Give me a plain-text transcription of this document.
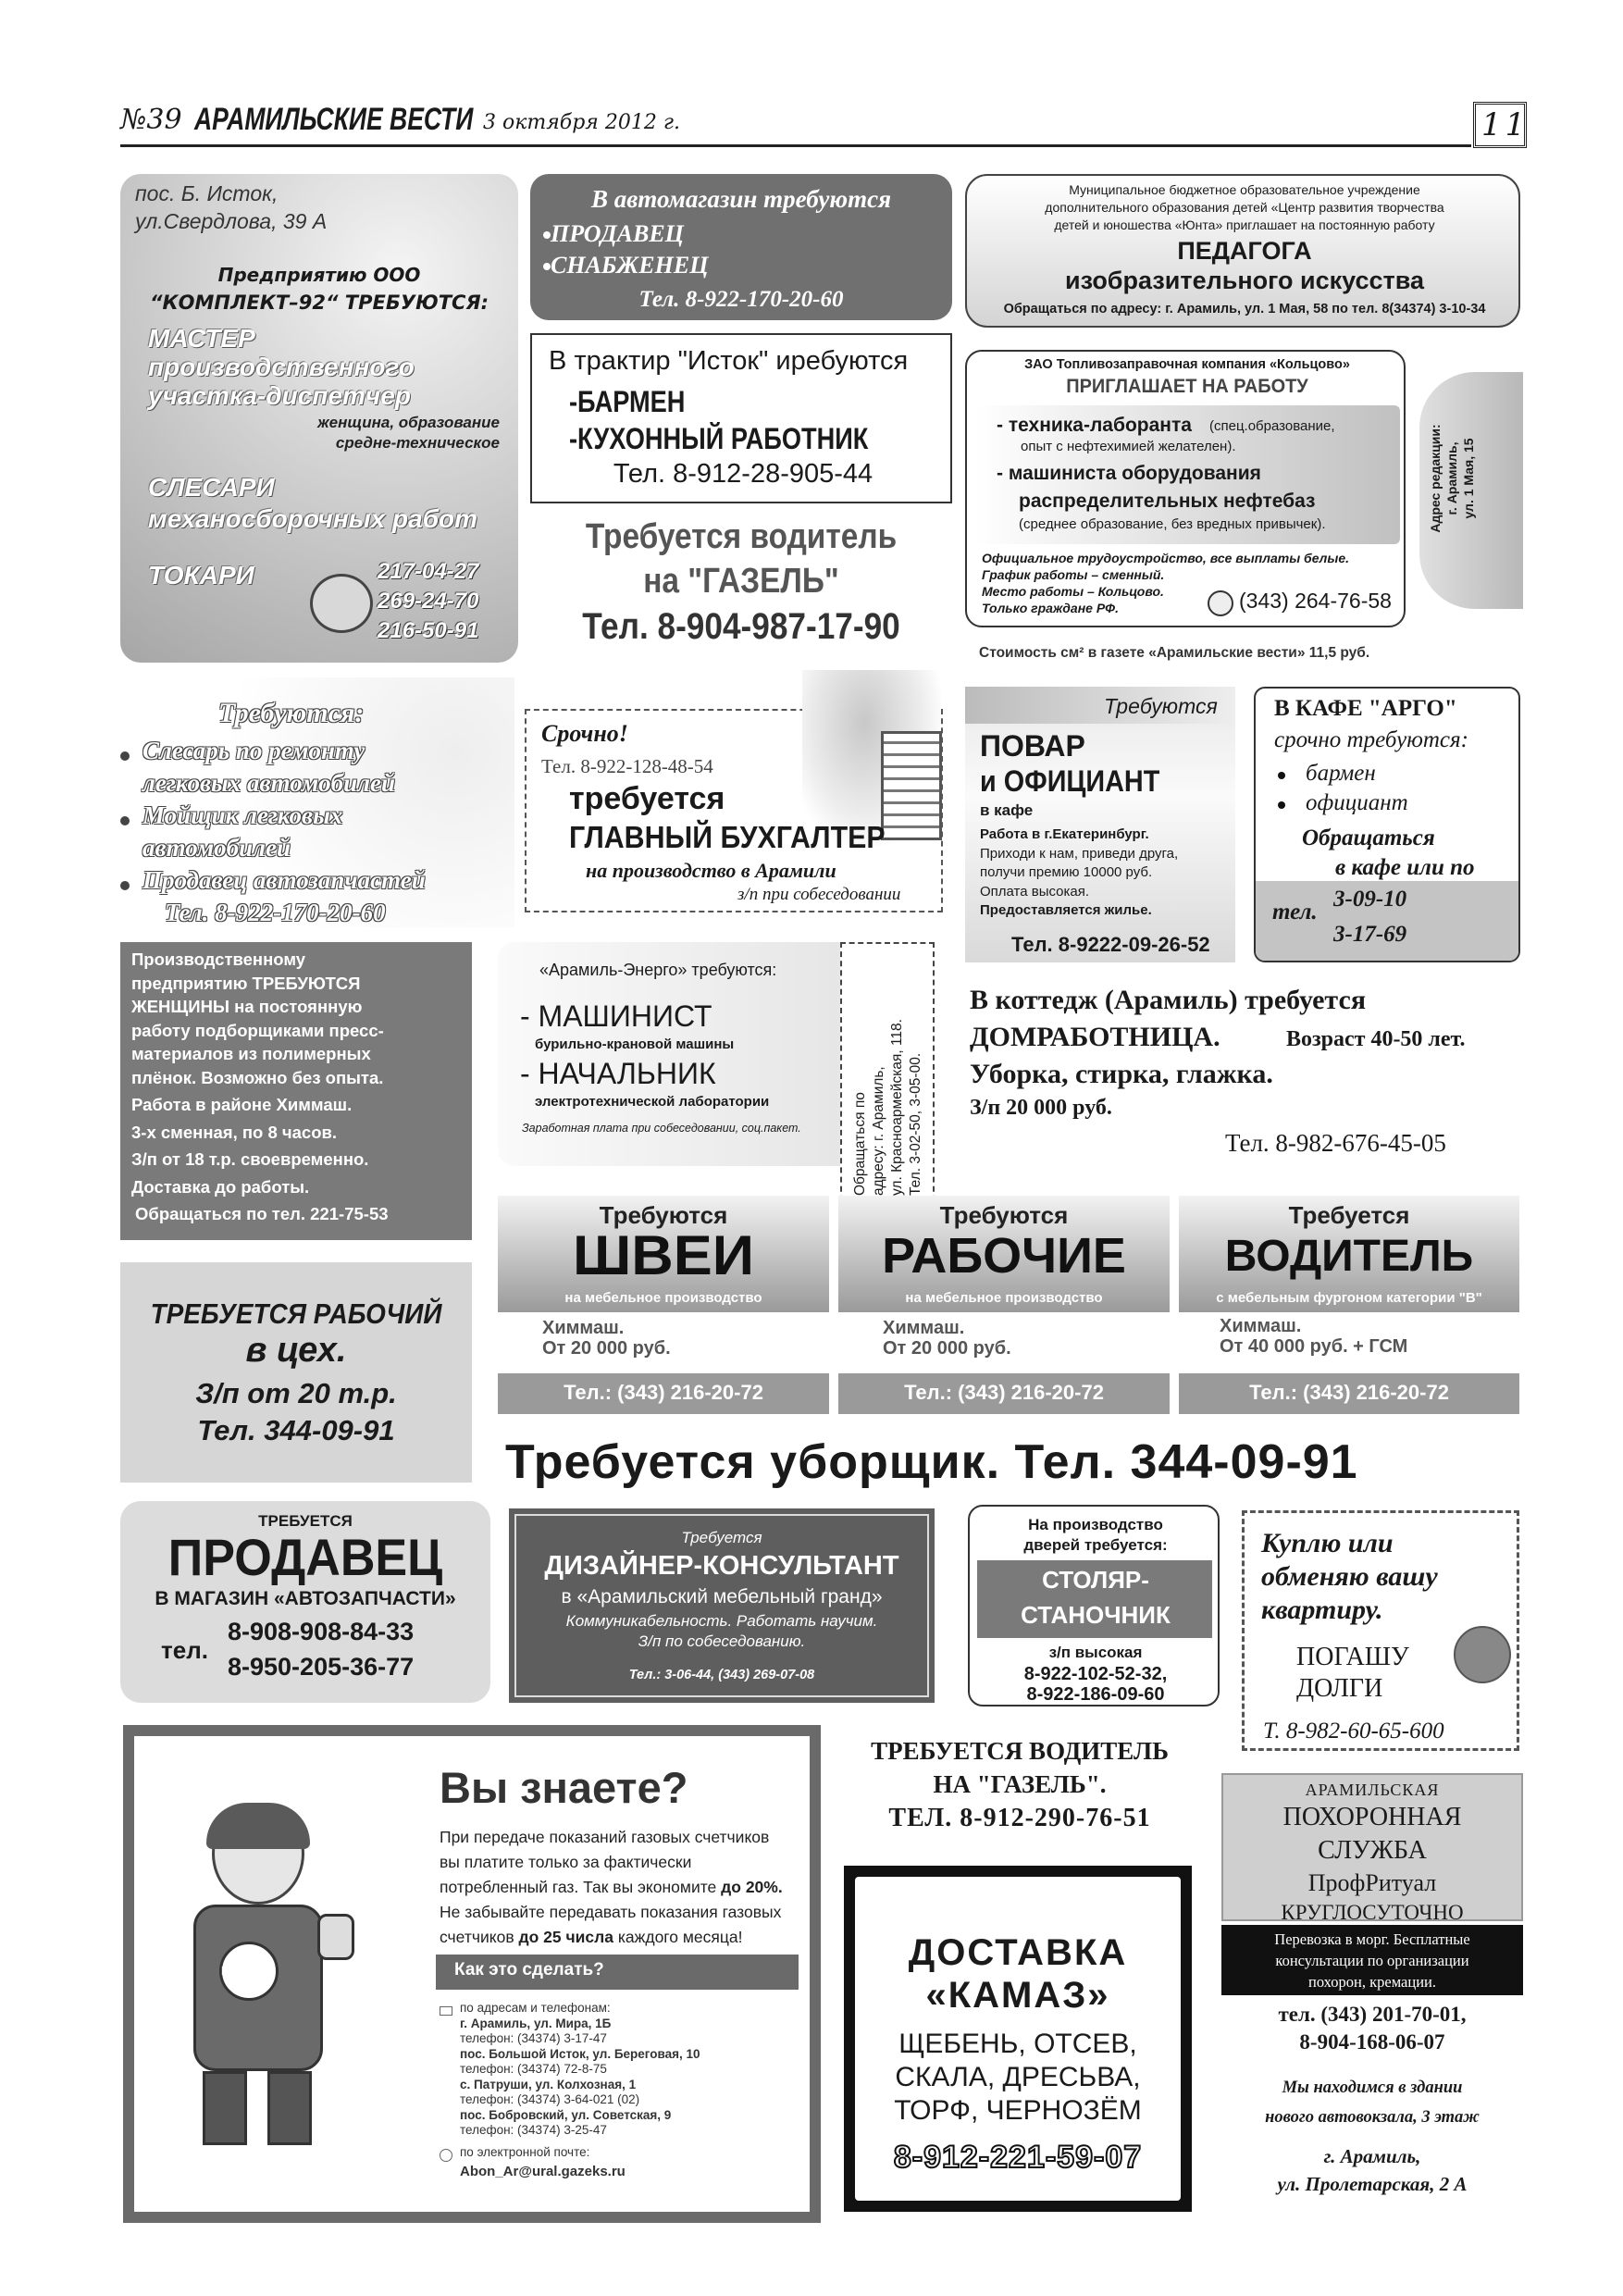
№39 АРАМИЛЬСКИЕ ВЕСТИ 3 октября 2012 г.	11
пос. Б. Исток,
ул.Свердлова, 39 А
Предприятию ООО
“КОМПЛЕКТ–92“ ТРЕБУЮТСЯ:
МАСТЕР
производственного
участка-диспетчер
женщина, образование
средне-техническое
СЛЕСАРИ
механосборочных работ
ТОКАРИ	217-04-27
269-24-70
216-50-91
В автомагазин требуются
ПРОДАВЕЦ
СНАБЖЕНЕЦ
Тел. 8-922-170-20-60
Муниципальное бюджетное образовательное учреждение
дополнительного образования детей «Центр развития творчества
детей и юношества «Юнта» приглашает на постоянную работу
ПЕДАГОГА
изобразительного искусства
Обращаться по адресу: г. Арамиль, ул. 1 Мая, 58 по тел. 8(34374) 3-10-34
В трактир "Исток" иребуются
-БАРМЕН
-КУХОННЫЙ РАБОТНИК
Тел. 8-912-28-905-44
ЗАО Топливозаправочная компания «Кольцово»
ПРИГЛАШАЕТ НА РАБОТУ
- техника-лаборанта (спец.образование,
опыт с нефтехимией желателен).
- машиниста оборудования
распределительных нефтебаз
(среднее образование, без вредных привычек).
Официальное трудоустройство, все выплаты белые.
График работы – сменный.
Место работы – Кольцово.
Только граждане РФ.	(343) 264-76-58
Адрес редакции: г. Арамиль, ул. 1 Мая, 15
Требуется водитель
на "ГАЗЕЛЬ"
Тел. 8-904-987-17-90
Стоимость см² в газете «Арамильские вести» 11,5 руб.
Требуются:
Слесарь по ремонту
легковых автомобилей
Мойщик легковых
автомобилей
Продавец автозапчастей
Тел. 8-922-170-20-60
Срочно!
Тел. 8-922-128-48-54
требуется
ГЛАВНЫЙ БУХГАЛТЕР
на производство в Арамили
з/п при собеседовании
Требуются
ПОВАР
и ОФИЦИАНТ
в кафе
Работа в г.Екатеринбург.
Приходи к нам, приведи друга,
получи премию 10000 руб.
Оплата высокая.
Предоставляется жилье.
Тел. 8-9222-09-26-52
В КАФЕ "АРГО"
срочно требуются:
бармен
официант
Обращаться
в кафе или по
тел.
3-09-10
3-17-69
Производственному
предприятию ТРЕБУЮТСЯ
ЖЕНЩИНЫ на постоянную
работу подборщиками пресс-
материалов из полимерных
плёнок. Возможно без опыта.
Работа в районе Химмаш.
3-х сменная, по 8 часов.
З/п от 18 т.р. своевременно.
Доставка до работы.
Обращаться по тел. 221-75-53
«Арамиль-Энерго» требуются:
- МАШИНИСТ
бурильно-крановой машины
- НАЧАЛЬНИК
электротехнической лаборатории
Заработная плата при собеседовании, соц.пакет.	Обращаться по адресу: г. Арамиль, ул. Красноармейская, 118. Тел. 3-02-50, 3-05-00.
В коттедж (Арамиль) требуется
ДОМРАБОТНИЦА.	Возраст 40-50 лет.
Уборка, стирка, глажка.
З/п 20 000 руб.
Тел. 8-982-676-45-05
Требуются
ШВЕИ
на мебельное производство
Химмаш.
От 20 000 руб.
Тел.: (343) 216-20-72
Требуются
РАБОЧИЕ
на мебельное производство
Химмаш.
От 20 000 руб.
Тел.: (343) 216-20-72
Требуется
ВОДИТЕЛЬ
с мебельным фургоном категории "В"
Химмаш.
От 40 000 руб. + ГСМ
Тел.: (343) 216-20-72
ТРЕБУЕТСЯ РАБОЧИЙ
в цех.
З/п от 20 т.р.
Тел. 344-09-91
Требуется уборщик. Тел. 344-09-91
ТРЕБУЕТСЯ
ПРОДАВЕЦ
В МАГАЗИН «АВТОЗАПЧАСТИ»
тел.
8-908-908-84-33
8-950-205-36-77
Требуется
ДИЗАЙНЕР-КОНСУЛЬТАНТ
в «Арамильский мебельный гранд»
Коммуникабельность. Работать научим.
З/п по собеседованию.
Тел.: 3-06-44, (343) 269-07-08
На производство
дверей требуется:
СТОЛЯР-
СТАНОЧНИК
з/п высокая
8-922-102-52-32,
8-922-186-09-60
Куплю или
обменяю вашу
квартиру.
ПОГАШУ
ДОЛГИ
Т. 8-982-60-65-600
ГАЗЭКС
Вы знаете?
При передаче показаний газовых счетчиков
вы платите только за фактически
потребленный газ. Так вы экономите до 20%.
Не забывайте передавать показания газовых
счетчиков до 25 числа каждого месяца!
Как это сделать?
по адресам и телефонам:
г. Арамиль, ул. Мира, 1Б
телефон: (34374) 3-17-47
пос. Большой Исток, ул. Береговая, 10
телефон: (34374) 72-8-75
с. Патруши, ул. Колхозная, 1
телефон: (34374) 3-64-021 (02)
пос. Бобровский, ул. Советская, 9
телефон: (34374) 3-25-47
по электронной почте:
Abon_Ar@ural.gazeks.ru
ТРЕБУЕТСЯ ВОДИТЕЛЬ
НА "ГАЗЕЛЬ".
ТЕЛ. 8-912-290-76-51
ДОСТАВКА
«КАМАЗ»
ЩЕБЕНЬ, ОТСЕВ,
СКАЛА, ДРЕСЬВА,
ТОРФ, ЧЕРНОЗЁМ
8-912-221-59-07
АРАМИЛЬСКАЯ
ПОХОРОННАЯ
СЛУЖБА
ПрофРитуал
КРУГЛОСУТОЧНО
Перевозка в морг. Бесплатные
консультации по организации
похорон, кремации.
тел. (343) 201-70-01,
8-904-168-06-07
Мы находимся в здании
нового автовокзала, 3 этаж
г. Арамиль,
ул. Пролетарская, 2 А
